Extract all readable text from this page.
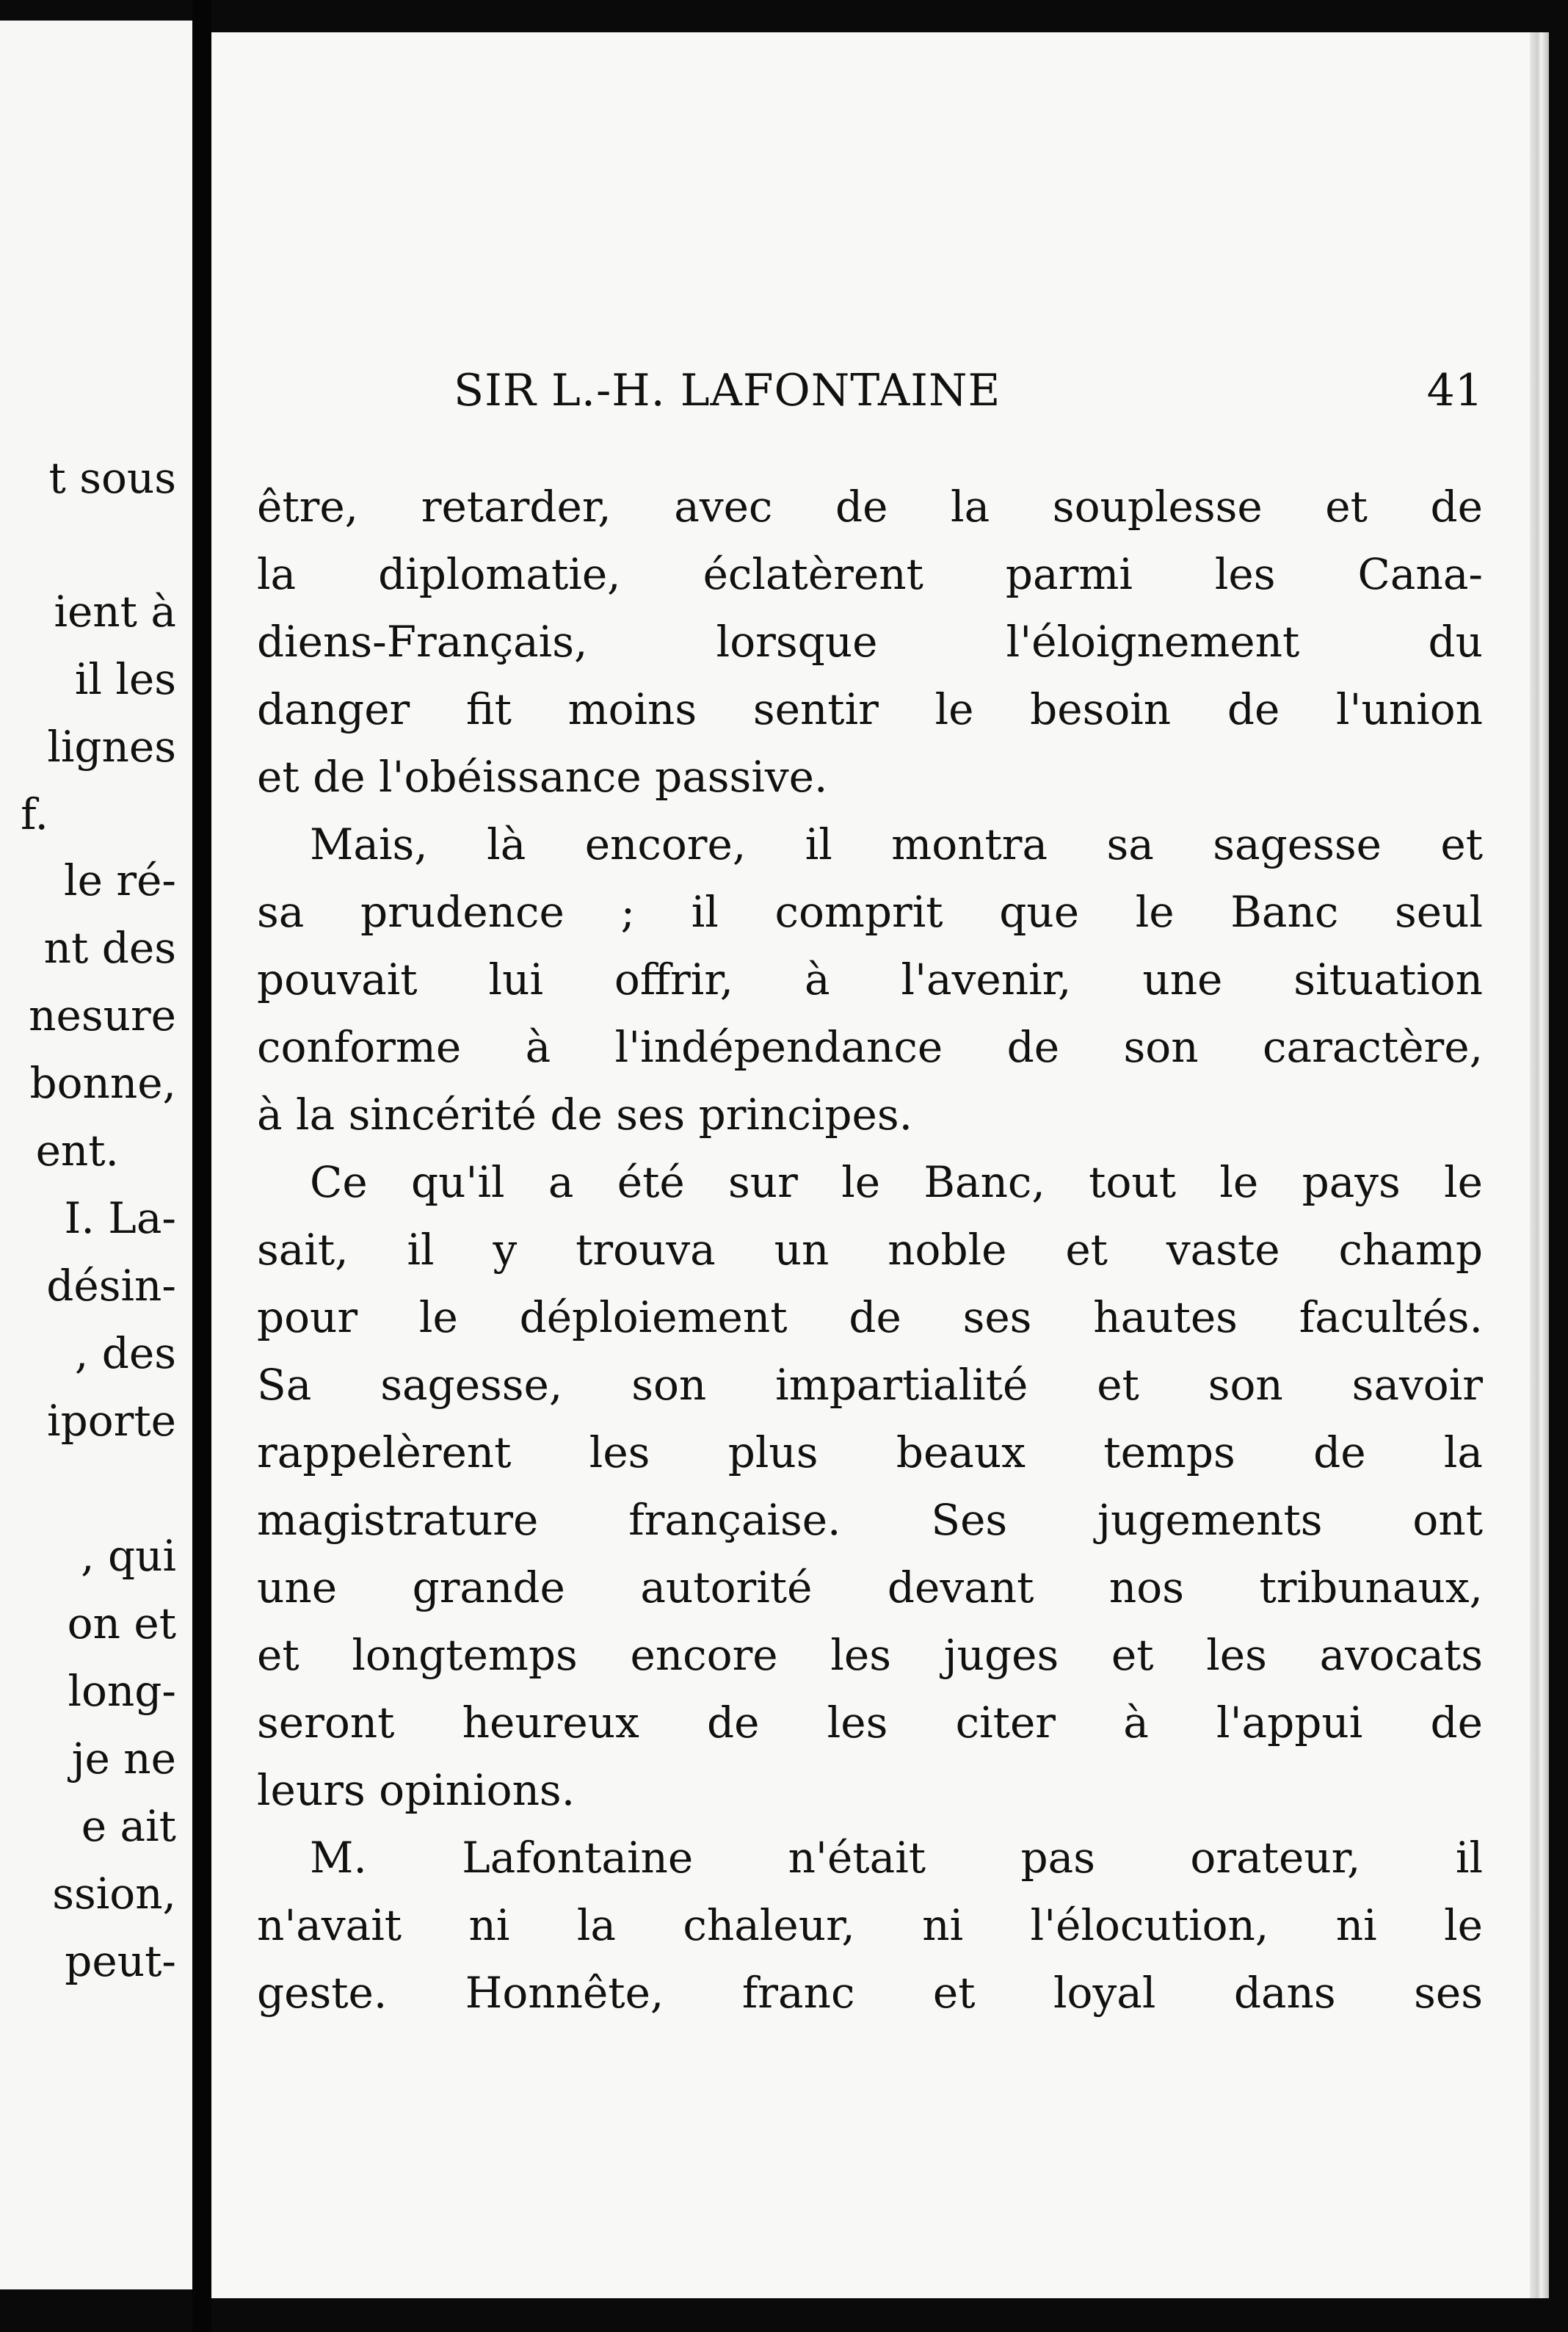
t sous
ient à
il les
lignes
f.
le ré-
nt des
nesure
bonne,
ent.
I. La-
désin-
, des
iporte
, qui
on et
long-
je ne
e ait
ssion,
peut-
SIR L.-H. LAFONTAINE	41
être, retarder, avec de la souplesse et de
la diplomatie, éclatèrent parmi les Cana-
diens-Français, lorsque l'éloignement du
danger fit moins sentir le besoin de l'union
et de l'obéissance passive.
Mais, là encore, il montra sa sagesse et
sa prudence ; il comprit que le Banc seul
pouvait lui offrir, à l'avenir, une situation
conforme à l'indépendance de son caractère,
à la sincérité de ses principes.
Ce qu'il a été sur le Banc, tout le pays le
sait, il y trouva un noble et vaste champ
pour le déploiement de ses hautes facultés.
Sa sagesse, son impartialité et son savoir
rappelèrent les plus beaux temps de la
magistrature française. Ses jugements ont
une grande autorité devant nos tribunaux,
et longtemps encore les juges et les avocats
seront heureux de les citer à l'appui de
leurs opinions.
M. Lafontaine n'était pas orateur, il
n'avait ni la chaleur, ni l'élocution, ni le
geste. Honnête, franc et loyal dans ses
